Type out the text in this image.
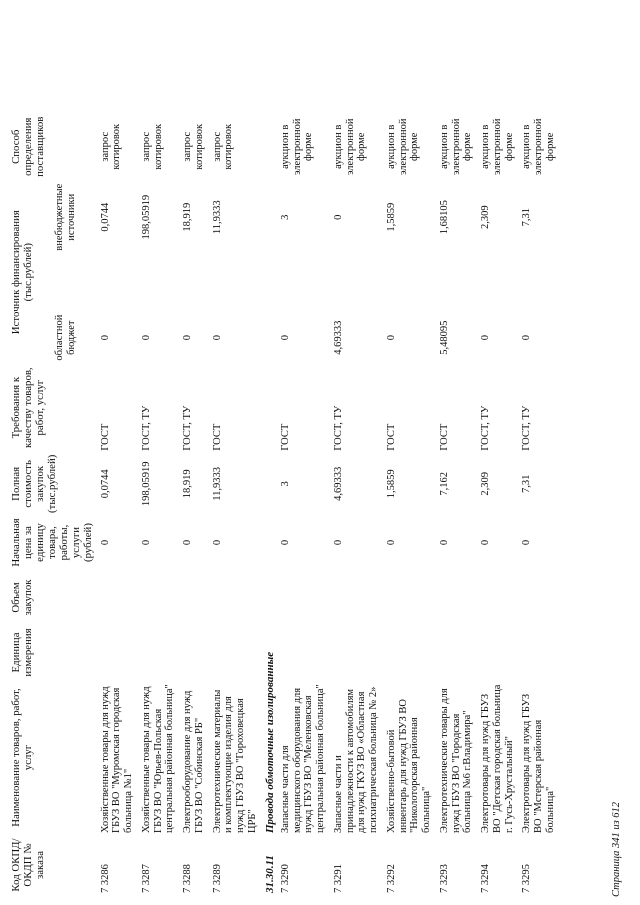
Код ОКПД/ ОКДП № заказа	Наименование товаров, работ, услуг	Единица измерения	Объем закупок	Начальная цена за единицу товара, работы, услуги (рублей)	Полная стоимость закупок (тыс.рублей)	Требования к качеству товаров, работ, услуг	Источник финансирования (тыс.рублей)			Способ определения поставщиков
							областной бюджет		внебюджетные источники	
7 3286	Хозяйственные товары для нужд ГБУЗ ВО "Муромская городская больница №1"			0	0,0744	ГОСТ	0		0,0744	запрос котировок
7 3287	Хозяйственные товары для нужд ГБУЗ ВО "Юрьев-Польская центральная районная больница"			0	198,05919	ГОСТ, ТУ	0		198,05919	запрос котировок
7 3288	Электрооборудование для нужд ГБУЗ ВО "Собинская РБ"			0	18,919	ГОСТ, ТУ	0		18,919	запрос котировок
7 3289	Электротехнические материалы и комплектующие изделия для нужд ГБУЗ ВО "Гороховецкая ЦРБ"			0	11,9333	ГОСТ	0		11,9333	запрос котировок
31.30.11	Провода обмоточные изолированные									
7 3290	Запасные части для медицинского оборудования для нужд ГБУЗ ВО "Меленковская центральная районная больница"			0	3	ГОСТ	0		3	аукцион в электронной форме
7 3291	Запасные части и принадлежности к автомобилям для нужд ГКУЗ ВО «Областная психиатрическая больница № 2»			0	4,69333	ГОСТ, ТУ	4,69333		0	аукцион в электронной форме
7 3292	Хозяйственно-бытовой инвентарь для нужд ГБУЗ ВО "Николоторская районная больница"			0	1,5859	ГОСТ	0		1,5859	аукцион в электронной форме
7 3293	Электротехнические товары для нужд ГБУЗ ВО "Городская больница №6 г.Владимира"			0	7,162	ГОСТ	5,48095		1,68105	аукцион в электронной форме
7 3294	Электротовары для нужд ГБУЗ ВО "Детская городская больница г. Гусь-Хрустальный"			0	2,309	ГОСТ, ТУ	0		2,309	аукцион в электронной форме
7 3295	Электротовары для нужд ГБУЗ ВО "Мстерская районная больница"			0	7,31	ГОСТ, ТУ	0		7,31	аукцион в электронной форме
Страница 341 из 612
